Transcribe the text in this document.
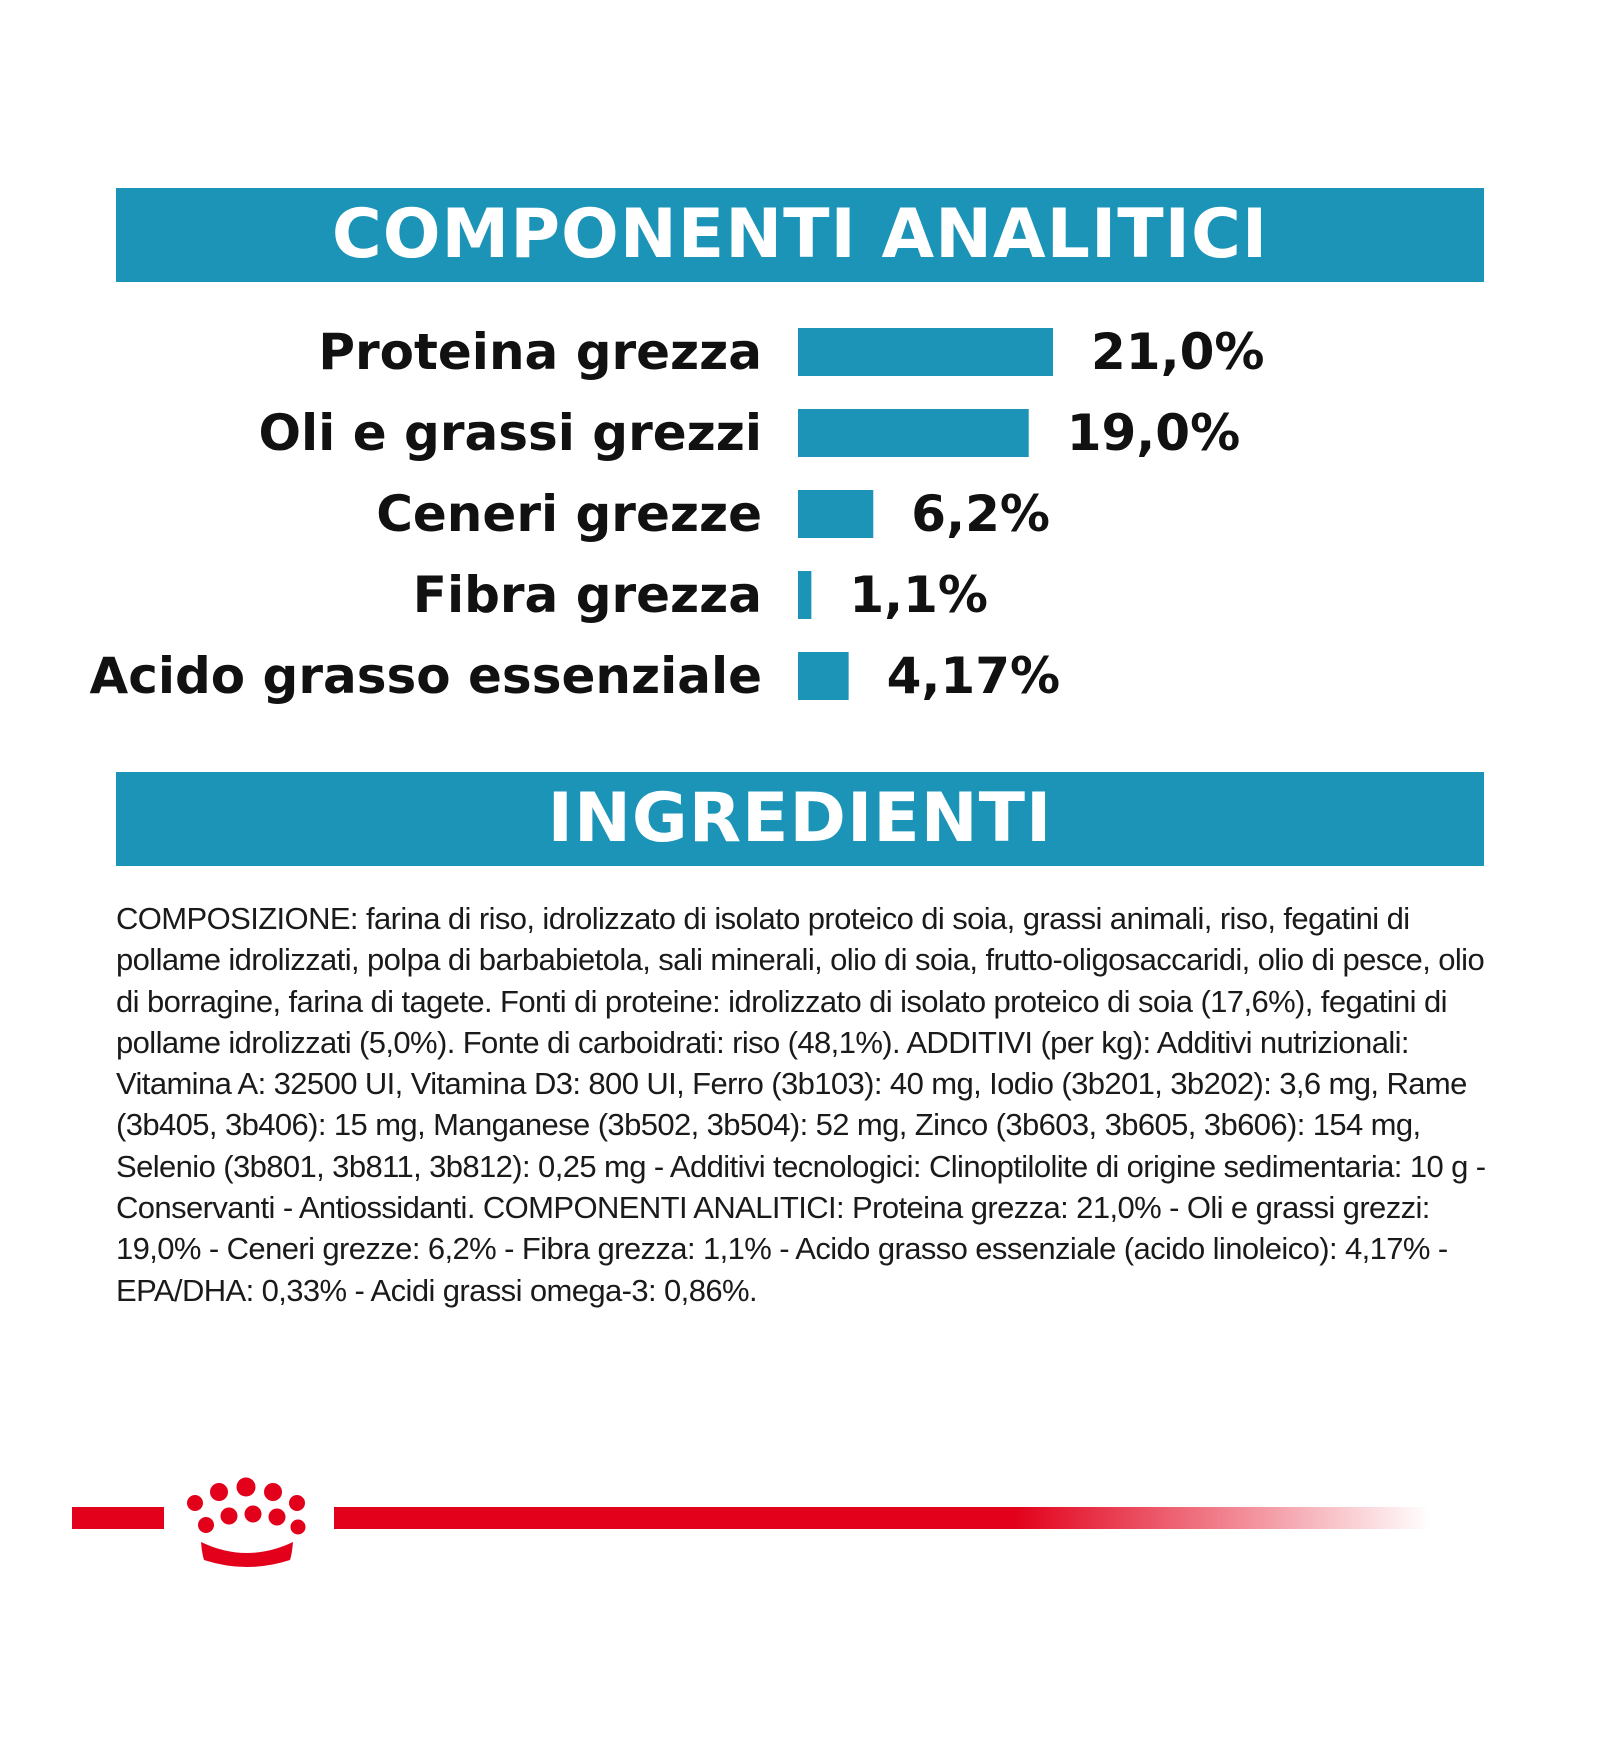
COMPONENTI ANALITICI
Proteina grezza	21,0%
Oli e grassi grezzi	19,0%
Ceneri grezze	6,2%
Fibra grezza 1,1%
Acido grasso essenziale 4,17%
INGREDIENTI

COMPOSIZIONE: farina di riso, idrolizzato di isolato proteico di soia, grassi animali, riso, fegatini di pollame idrolizzati, polpa di barbabietola, sali minerali, olio di soia, frutto-oligosaccaridi, olio di pesce, olio di borragine, farina di tagete. Fonti di proteine: idrolizzato di isolato proteico di soia (17,6%), fegatini di pollame idrolizzati (5,0%). Fonte di carboidrati: riso (48,1%). ADDITIVI (per kg): Additivi nutrizionali: Vitamina A: 32500 UI, Vitamina D3: 800 UI, Ferro (3b103): 40 mg, Iodio (3b201, 3b202): 3,6 mg, Rame (3b405, 3b406): 15 mg, Manganese (3b502, 3b504): 52 mg, Zinco (3b603, 3b605, 3b606): 154 mg, Selenio (3b801, 3b811, 3b812): 0,25 mg - Additivi tecnologici: Clinoptilolite di origine sedimentaria: 10 g - Conservanti - Antiossidanti. COMPONENTI ANALITICI: Proteina grezza: 21,0% - Oli e grassi grezzi: 19,0% - Ceneri grezze: 6,2% - Fibra grezza: 1,1% - Acido grasso essenziale (acido linoleico): 4,17% - EPA/DHA: 0,33% - Acidi grassi omega-3: 0,86%.
